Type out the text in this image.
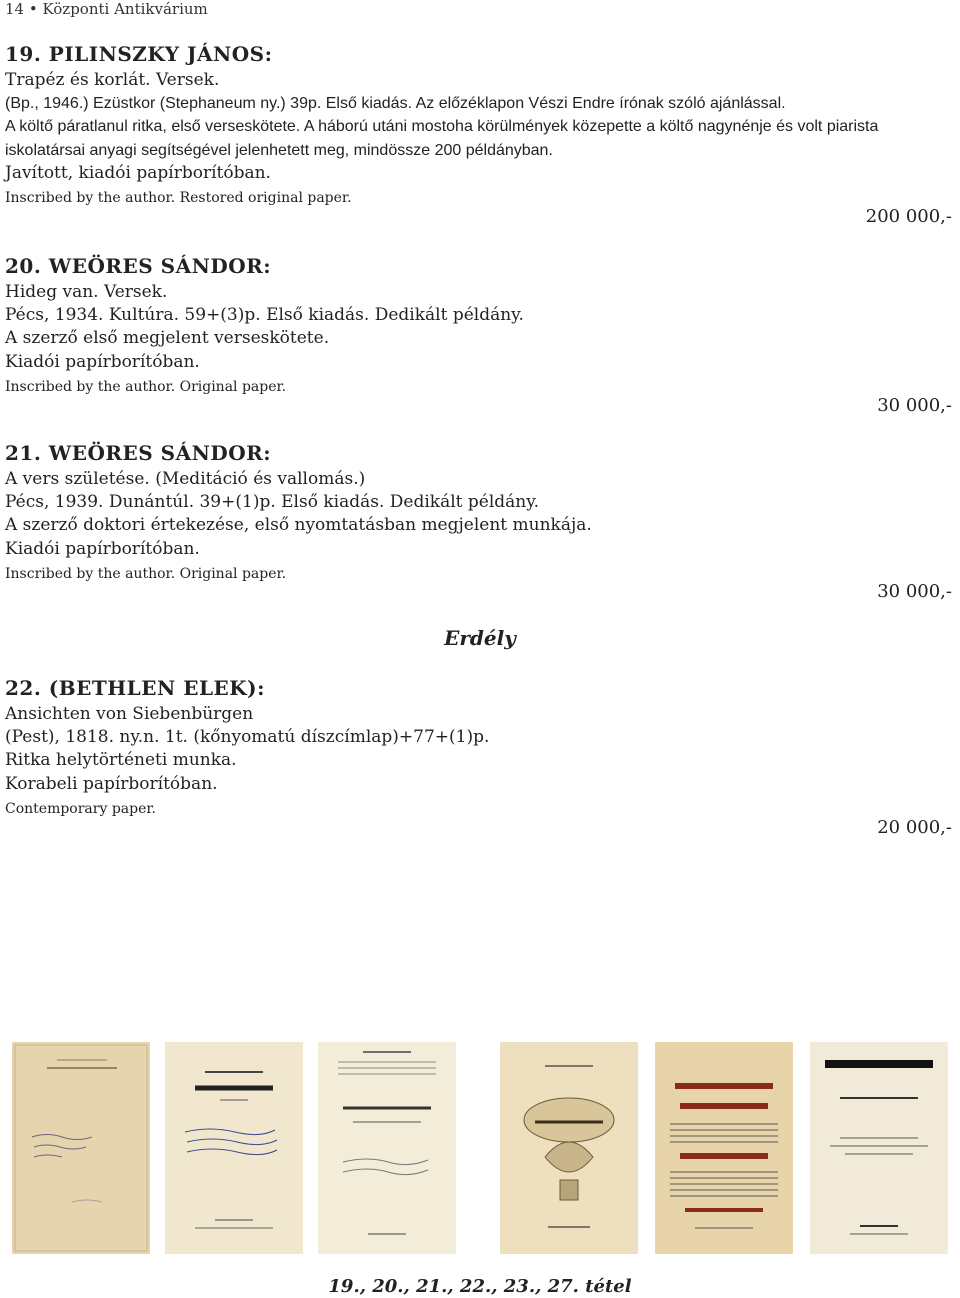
14 • Központi Antikvárium
19. PILINSZKY JÁNOS:
Trapéz és korlát. Versek.
(Bp., 1946.) Ezüstkor (Stephaneum ny.) 39p. Első kiadás. Az előzéklapon Vészi Endre írónak szóló ajánlással.
A költő páratlanul ritka, első verseskötete. A háború utáni mostoha körülmények közepette a költő nagynénje és volt piarista iskolatársai anyagi segítségével jelenhetett meg, mindössze 200 példányban.
Javított, kiadói papírborítóban.
Inscribed by the author. Restored original paper.
200 000,-
20. WEÖRES SÁNDOR:
Hideg van. Versek.
Pécs, 1934. Kultúra. 59+(3)p. Első kiadás. Dedikált példány.
A szerző első megjelent verseskötete.
Kiadói papírborítóban.
Inscribed by the author. Original paper.
30 000,-
21. WEÖRES SÁNDOR:
A vers születése. (Meditáció és vallomás.)
Pécs, 1939. Dunántúl. 39+(1)p. Első kiadás. Dedikált példány.
A szerző doktori értekezése, első nyomtatásban megjelent munkája.
Kiadói papírborítóban.
Inscribed by the author. Original paper.
30 000,-
Erdély
22. (BETHLEN ELEK):
Ansichten von Siebenbürgen
(Pest), 1818. ny.n. 1t. (kőnyomatú díszcímlap)+77+(1)p.
Ritka helytörténeti munka.
Korabeli papírborítóban.
Contemporary paper.
20 000,-
19., 20., 21., 22., 23., 27. tétel
